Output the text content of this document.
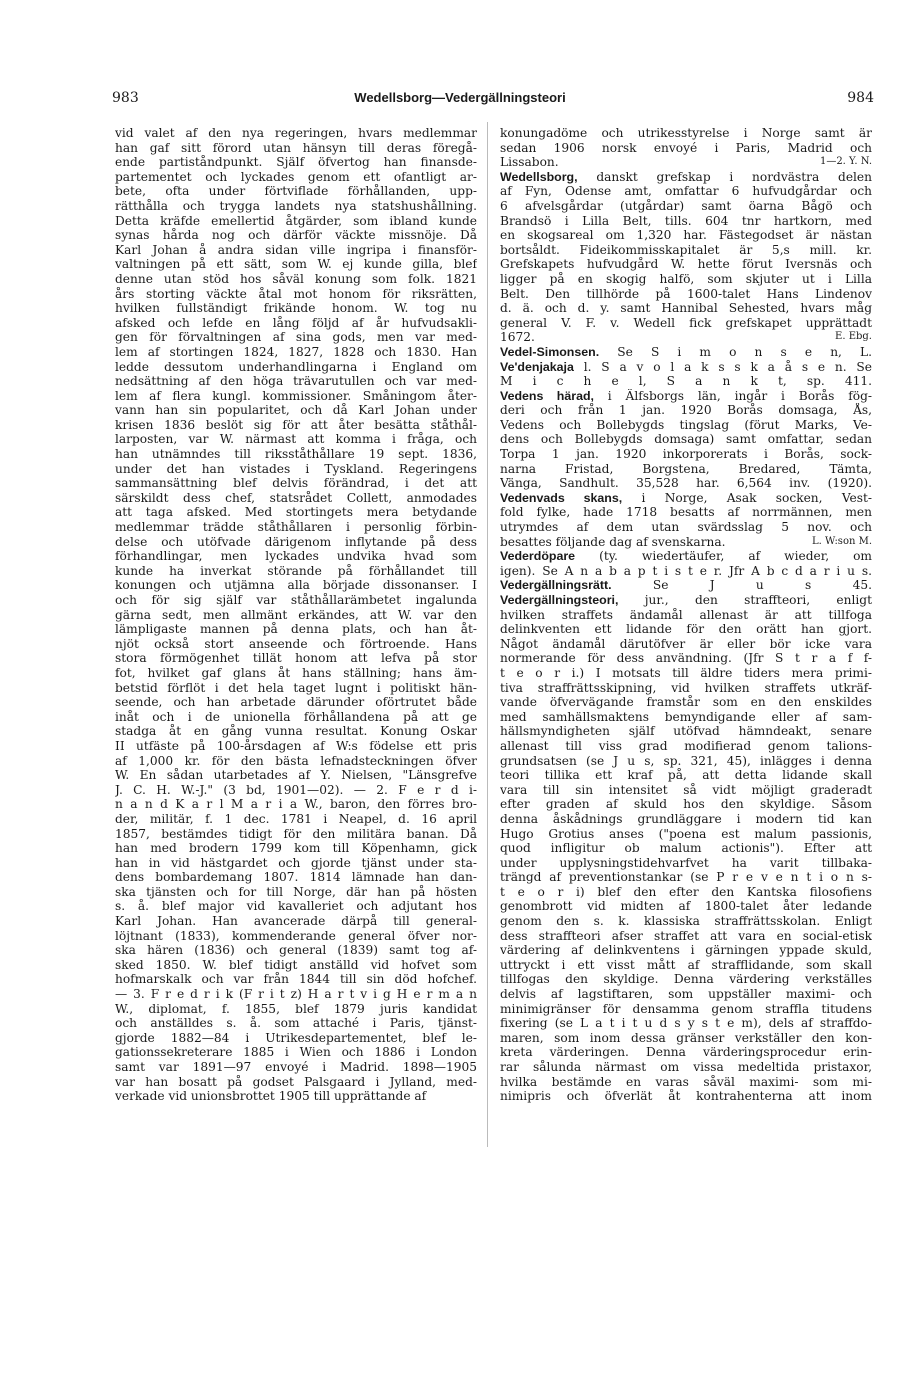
983	Wedellsborg—Vedergällningsteori	984
vid valet af den nya regeringen, hvars medlemmar
han gaf sitt förord utan hänsyn till deras föregå-
ende partiståndpunkt. Själf öfvertog han finansde-
partementet och lyckades genom ett ofantligt ar-
bete, ofta under förtviflade förhållanden, upp-
rätthålla och trygga landets nya statshushållning.
Detta kräfde emellertid åtgärder, som ibland kunde
synas hårda nog och därför väckte missnöje. Då
Karl Johan å andra sidan ville ingripa i finansför-
valtningen på ett sätt, som W. ej kunde gilla, blef
denne utan stöd hos såväl konung som folk. 1821
års storting väckte åtal mot honom för riksrätten,
hvilken fullständigt frikände honom. W. tog nu
afsked och lefde en lång följd af år hufvudsakli-
gen för förvaltningen af sina gods, men var med-
lem af stortingen 1824, 1827, 1828 och 1830. Han
ledde dessutom underhandlingarna i England om
nedsättning af den höga trävarutullen och var med-
lem af flera kungl. kommissioner. Småningom åter-
vann han sin popularitet, och då Karl Johan under
krisen 1836 beslöt sig för att åter besätta ståthål-
larposten, var W. närmast att komma i fråga, och
han utnämndes till riksståthållare 19 sept. 1836,
under det han vistades i Tyskland. Regeringens
sammansättning blef delvis förändrad, i det att
särskildt dess chef, statsrådet Collett, anmodades
att taga afsked. Med stortingets mera betydande
medlemmar trädde ståthållaren i personlig förbin-
delse och utöfvade därigenom inflytande på dess
förhandlingar, men lyckades undvika hvad som
kunde ha inverkat störande på förhållandet till
konungen och utjämna alla började dissonanser. I
och för sig själf var ståthållarämbetet ingalunda
gärna sedt, men allmänt erkändes, att W. var den
lämpligaste mannen på denna plats, och han åt-
njöt också stort anseende och förtroende. Hans
stora förmögenhet tillät honom att lefva på stor
fot, hvilket gaf glans åt hans ställning; hans äm-
betstid förflöt i det hela taget lugnt i politiskt hän-
seende, och han arbetade därunder oförtrutet både
inåt och i de unionella förhållandena på att ge
stadga åt en gång vunna resultat. Konung Oskar
II utfäste på 100-årsdagen af W:s födelse ett pris
af 1,000 kr. för den bästa lefnadsteckningen öfver
W. En sådan utarbetades af Y. Nielsen, "Länsgrefve
J. C. H. W.-J." (3 bd, 1901—02). — 2. F e r d i-
n a n d K a r l M a r i a W., baron, den förres bro-
der, militär, f. 1 dec. 1781 i Neapel, d. 16 april
1857, bestämdes tidigt för den militära banan. Då
han med brodern 1799 kom till Köpenhamn, gick
han in vid hästgardet och gjorde tjänst under sta-
dens bombardemang 1807. 1814 lämnade han dan-
ska tjänsten och for till Norge, där han på hösten
s. å. blef major vid kavalleriet och adjutant hos
Karl Johan. Han avancerade därpå till general-
löjtnant (1833), kommenderande general öfver nor-
ska hären (1836) och general (1839) samt tog af-
sked 1850. W. blef tidigt anställd vid hofvet som
hofmarskalk och var från 1844 till sin död hofchef.
— 3. F r e d r i k (F r i t z) H a r t v i g H e r m a n
W., diplomat, f. 1855, blef 1879 juris kandidat
och anställdes s. å. som attaché i Paris, tjänst-
gjorde 1882—84 i Utrikesdepartementet, blef le-
gationssekreterare 1885 i Wien och 1886 i London
samt var 1891—97 envoyé i Madrid. 1898—1905
var han bosatt på godset Palsgaard i Jylland, med-
verkade vid unionsbrottet 1905 till upprättande af
konungadöme och utrikesstyrelse i Norge samt är
sedan 1906 norsk envoyé i Paris, Madrid och
Lissabon.	1—2. Y. N.
Wedellsborg, danskt grefskap i nordvästra delen
af Fyn, Odense amt, omfattar 6 hufvudgårdar och
6 afvelsgårdar (utgårdar) samt öarna Bågö och
Brandsö i Lilla Belt, tills. 604 tnr hartkorn, med
en skogsareal om 1,320 har. Fästegodset är nästan
bortsåldt. Fideikommisskapitalet är 5,s mill. kr.
Grefskapets hufvudgård W. hette förut Iversnäs och
ligger på en skogig halfö, som skjuter ut i Lilla
Belt. Den tillhörde på 1600-talet Hans Lindenov
d. ä. och d. y. samt Hannibal Sehested, hvars måg
general V. F. v. Wedell fick grefskapet upprättadt
1672.	E. Ebg.
Vedel-Simonsen. Se S i m o n s e n, L.
Ve'denjakaja l. S a v o l a k s s k a å s e n. Se
M i c h e l, S a n k t, sp. 411.
Vedens härad, i Älfsborgs län, ingår i Borås fög-
deri och från 1 jan. 1920 Borås domsaga, Ås,
Vedens och Bollebygds tingslag (förut Marks, Ve-
dens och Bollebygds domsaga) samt omfattar, sedan
Torpa 1 jan. 1920 inkorporerats i Borås, sock-
narna Fristad, Borgstena, Bredared, Tämta,
Vänga, Sandhult. 35,528 har. 6,564 inv. (1920).
Vedenvads skans, i Norge, Asak socken, Vest-
fold fylke, hade 1718 besatts af norrmännen, men
utrymdes af dem utan svärdsslag 5 nov. och
besattes följande dag af svenskarna.	L. W:son M.
Vederdöpare (ty. wiedertäufer, af wieder, om
igen). Se A n a b a p t i s t e r. Jfr A b c d a r i u s.
Vedergällningsrätt. Se J u s 45.
Vedergällningsteori, jur., den straffteori, enligt
hvilken straffets ändamål allenast är att tillfoga
delinkventen ett lidande för den orätt han gjort.
Något ändamål därutöfver är eller bör icke vara
normerande för dess användning. (Jfr S t r a f f-
t e o r i.) I motsats till äldre tiders mera primi-
tiva straffrättsskipning, vid hvilken straffets utkräf-
vande öfvervägande framstår som en den enskildes
med samhällsmaktens bemyndigande eller af sam-
hällsmyndigheten själf utöfvad hämndeakt, senare
allenast till viss grad modifierad genom talions-
grundsatsen (se J u s, sp. 321, 45), inlägges i denna
teori tillika ett kraf på, att detta lidande skall
vara till sin intensitet så vidt möjligt graderadt
efter graden af skuld hos den skyldige. Såsom
denna åskådnings grundläggare i modern tid kan
Hugo Grotius anses ("poena est malum passionis,
quod infligitur ob malum actionis"). Efter att
under upplysningstidehvarfvet ha varit tillbaka-
trängd af preventionstankar (se P r e v e n t i o n s-
t e o r i) blef den efter den Kantska filosofiens
genombrott vid midten af 1800-talet åter ledande
genom den s. k. klassiska straffrättsskolan. Enligt
dess straffteori afser straffet att vara en social-etisk
värdering af delinkventens i gärningen yppade skuld,
uttryckt i ett visst mått af strafflidande, som skall
tillfogas den skyldige. Denna värdering verkställes
delvis af lagstiftaren, som uppställer maximi- och
minimigränser för densamma genom straffla titudens
fixering (se L a t i t u d s y s t e m), dels af straffdo-
maren, som inom dessa gränser verkställer den kon-
kreta värderingen. Denna värderingsprocedur erin-
rar sålunda närmast om vissa medeltida pristaxor,
hvilka bestämde en varas såväl maximi- som mi-
nimipris och öfverlät åt kontrahenterna att inom
